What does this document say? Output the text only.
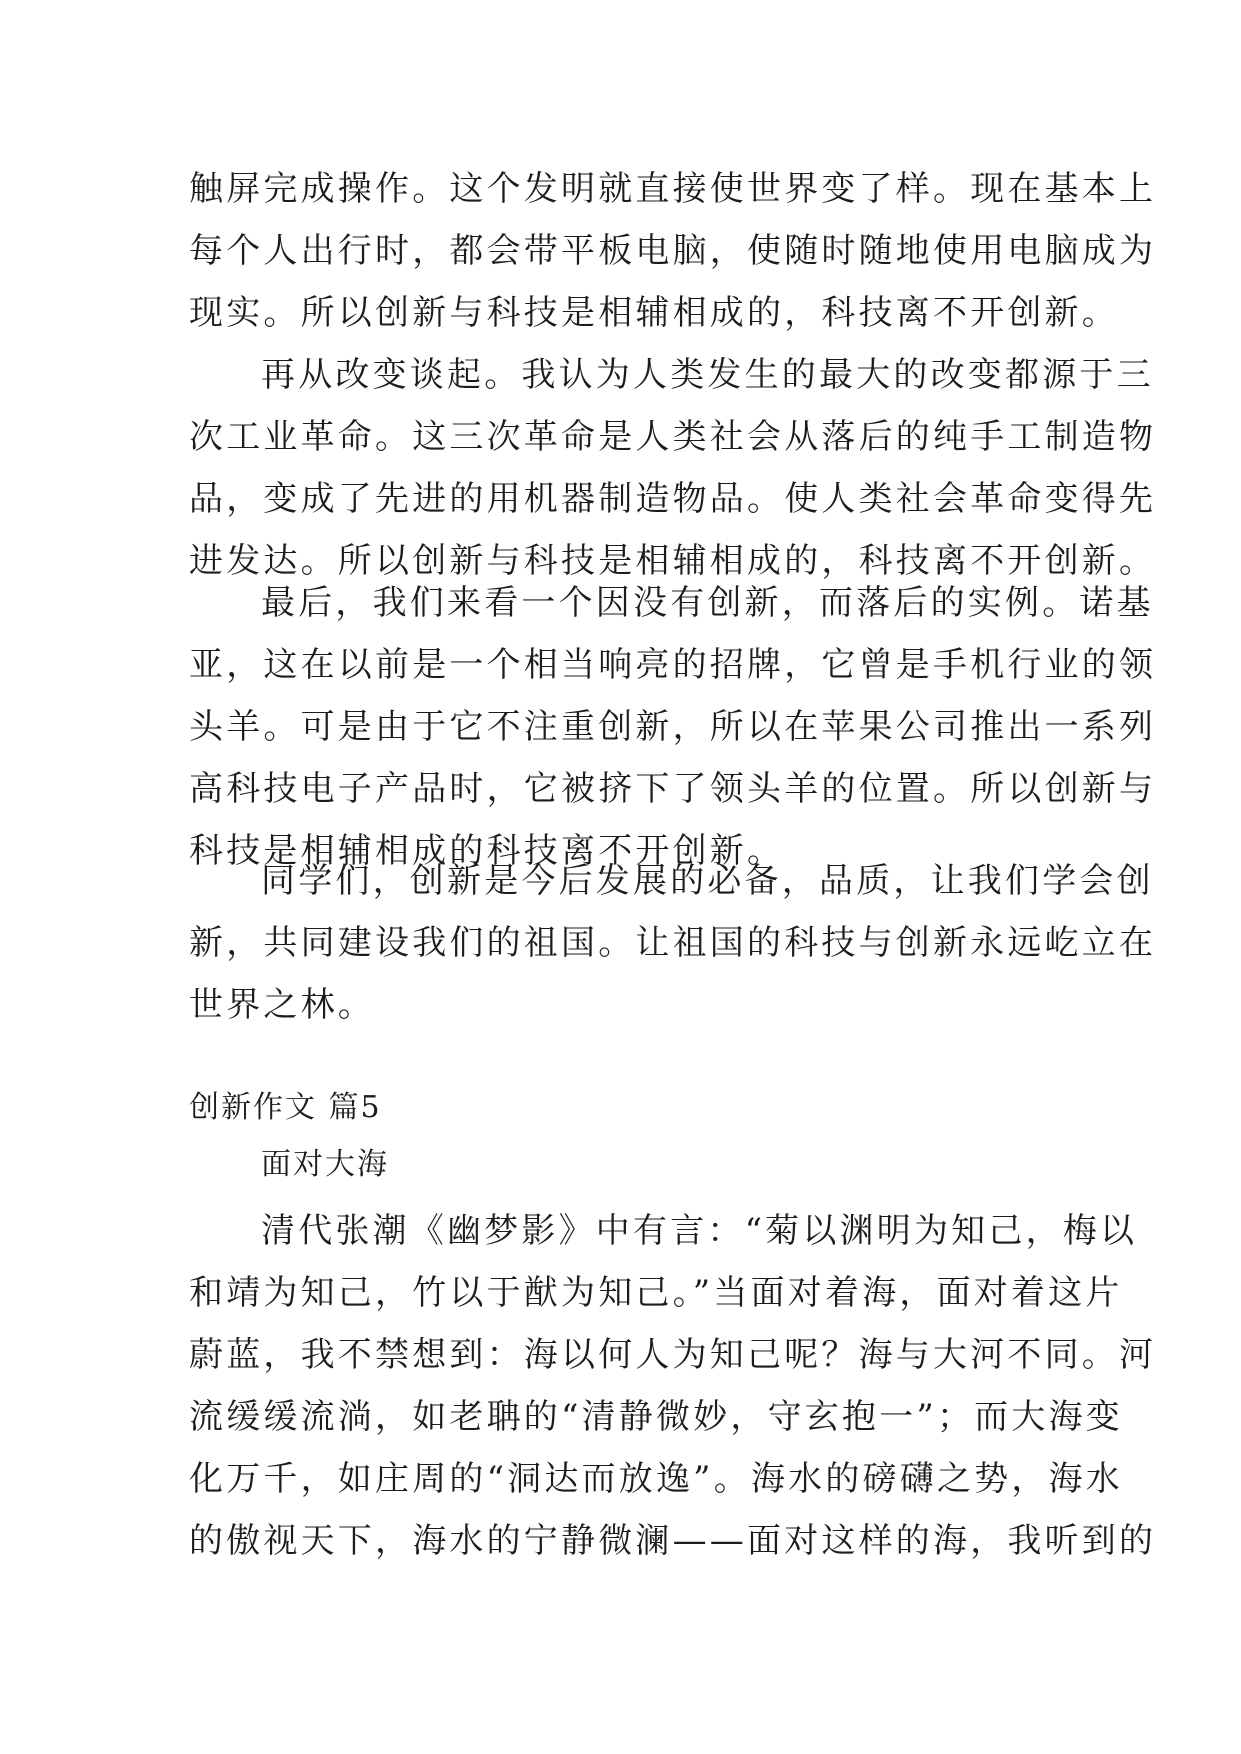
触屏完成操作。这个发明就直接使世界变了样。现在基本上
每个人出行时，都会带平板电脑，使随时随地使用电脑成为
现实。所以创新与科技是相辅相成的，科技离不开创新。
再从改变谈起。我认为人类发生的最大的改变都源于三
次工业革命。这三次革命是人类社会从落后的纯手工制造物
品，变成了先进的用机器制造物品。使人类社会革命变得先
进发达。所以创新与科技是相辅相成的，科技离不开创新。
最后，我们来看一个因没有创新，而落后的实例。诺基
亚，这在以前是一个相当响亮的招牌，它曾是手机行业的领
头羊。可是由于它不注重创新，所以在苹果公司推出一系列
高科技电子产品时，它被挤下了领头羊的位置。所以创新与
科技是相辅相成的科技离不开创新。
同学们，创新是今后发展的必备，品质，让我们学会创
新，共同建设我们的祖国。让祖国的科技与创新永远屹立在
世界之林。
创新作文 篇5
面对大海
清代张潮《幽梦影》中有言：“菊以渊明为知己，梅以
和靖为知己，竹以于猷为知己。”当面对着海，面对着这片
蔚蓝，我不禁想到：海以何人为知己呢？海与大河不同。河
流缓缓流淌，如老聃的“清静微妙，守玄抱一”；而大海变
化万千，如庄周的“洞达而放逸”。海水的磅礴之势，海水
的傲视天下，海水的宁静微澜——面对这样的海，我听到的
